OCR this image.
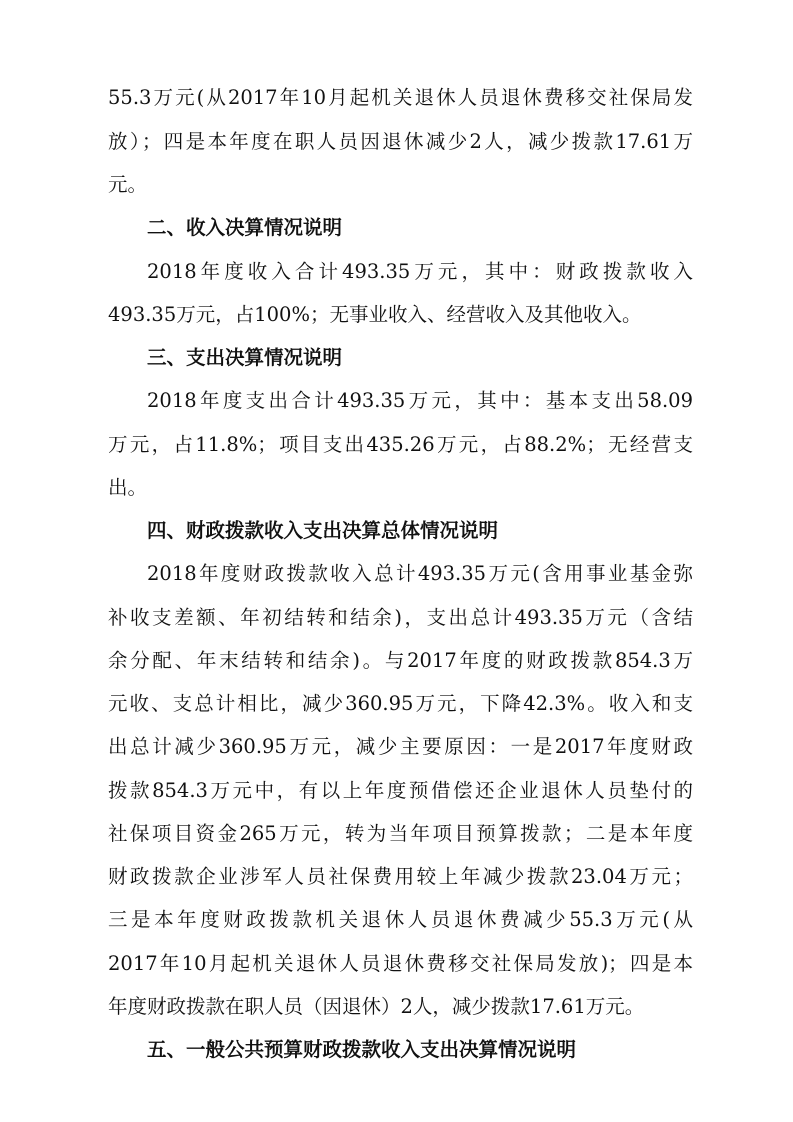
55.3万元(从2017年10月起机关退休人员退休费移交社保局发
放）；四是本年度在职人员因退休减少2人，减少拨款17.61万
元。
二、收入决算情况说明
2018年度收入合计493.35万元，其中：财政拨款收入
493.35万元，占100%；无事业收入、经营收入及其他收入。
三、支出决算情况说明
2018年度支出合计493.35万元，其中：基本支出58.09
万元，占11.8%；项目支出435.26万元，占88.2%；无经营支
出。
四、财政拨款收入支出决算总体情况说明
2018年度财政拨款收入总计493.35万元(含用事业基金弥
补收支差额、年初结转和结余)，支出总计493.35万元（含结
余分配、年末结转和结余)。与2017年度的财政拨款854.3万
元收、支总计相比，减少360.95万元，下降42.3%。收入和支
出总计减少360.95万元，减少主要原因：一是2017年度财政
拨款854.3万元中，有以上年度预借偿还企业退休人员垫付的
社保项目资金265万元，转为当年项目预算拨款；二是本年度
财政拨款企业涉军人员社保费用较上年减少拨款23.04万元；
三是本年度财政拨款机关退休人员退休费减少55.3万元(从
2017年10月起机关退休人员退休费移交社保局发放)；四是本
年度财政拨款在职人员（因退休）2人，减少拨款17.61万元。
五、一般公共预算财政拨款收入支出决算情况说明
